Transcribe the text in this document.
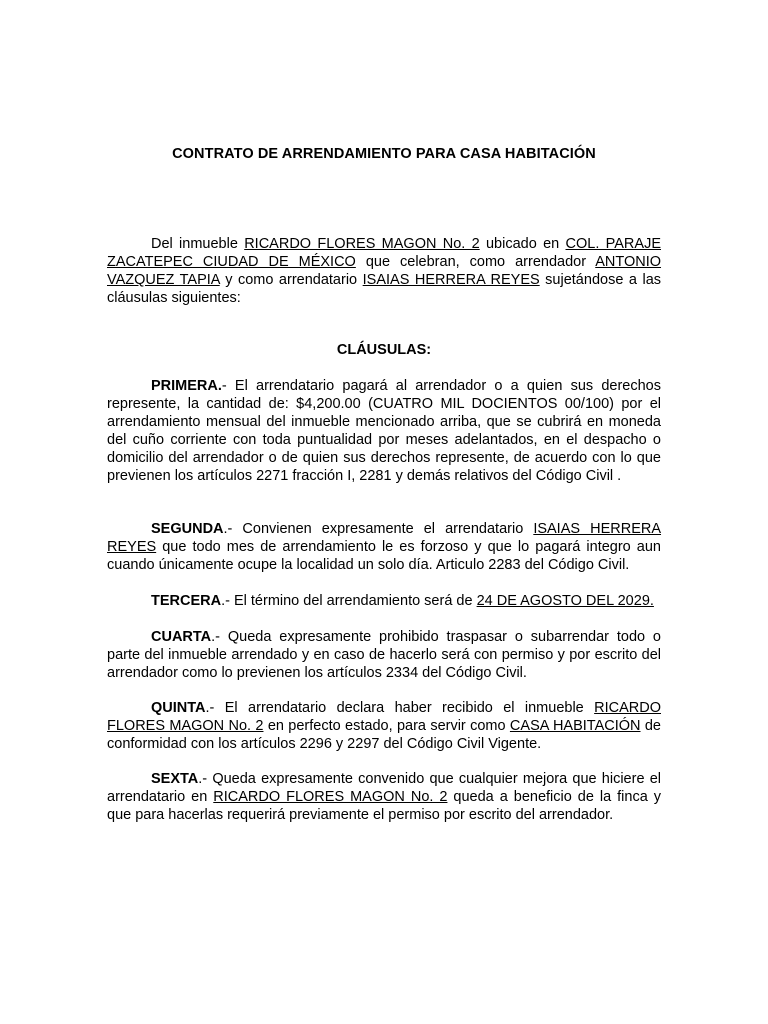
CONTRATO DE ARRENDAMIENTO PARA CASA HABITACIÓN

Del inmueble RICARDO FLORES MAGON No. 2 ubicado en COL. PARAJE ZACATEPEC CIUDAD DE MÉXICO que celebran, como arrendador ANTONIO VAZQUEZ TAPIA y como arrendatario ISAIAS HERRERA REYES sujetándose a las cláusulas siguientes:

CLÁUSULAS:

PRIMERA.- El arrendatario pagará al arrendador o a quien sus derechos represente, la cantidad de: $4,200.00 (CUATRO MIL DOCIENTOS 00/100) por el arrendamiento mensual del inmueble mencionado arriba, que se cubrirá en moneda del cuño corriente con toda puntualidad por meses adelantados, en el despacho o domicilio del arrendador o de quien sus derechos represente, de acuerdo con lo que previenen los artículos 2271 fracción I, 2281 y demás relativos del Código Civil .

SEGUNDA.- Convienen expresamente el arrendatario ISAIAS HERRERA REYES que todo mes de arrendamiento le es forzoso y que lo pagará integro aun cuando únicamente ocupe la localidad un solo día. Articulo 2283 del Código Civil.

TERCERA.- El término del arrendamiento será de 24 DE AGOSTO DEL 2029.

CUARTA.- Queda expresamente prohibido traspasar o subarrendar todo o parte del inmueble arrendado y en caso de hacerlo será con permiso y por escrito del arrendador como lo previenen los artículos 2334 del Código Civil.

QUINTA.- El arrendatario declara haber recibido el inmueble RICARDO FLORES MAGON No. 2 en perfecto estado, para servir como CASA HABITACIÓN de conformidad con los artículos 2296 y 2297 del Código Civil Vigente.

SEXTA.- Queda expresamente convenido que cualquier mejora que hiciere el arrendatario en RICARDO FLORES MAGON No. 2 queda a beneficio de la finca y que para hacerlas requerirá previamente el permiso por escrito del arrendador.
